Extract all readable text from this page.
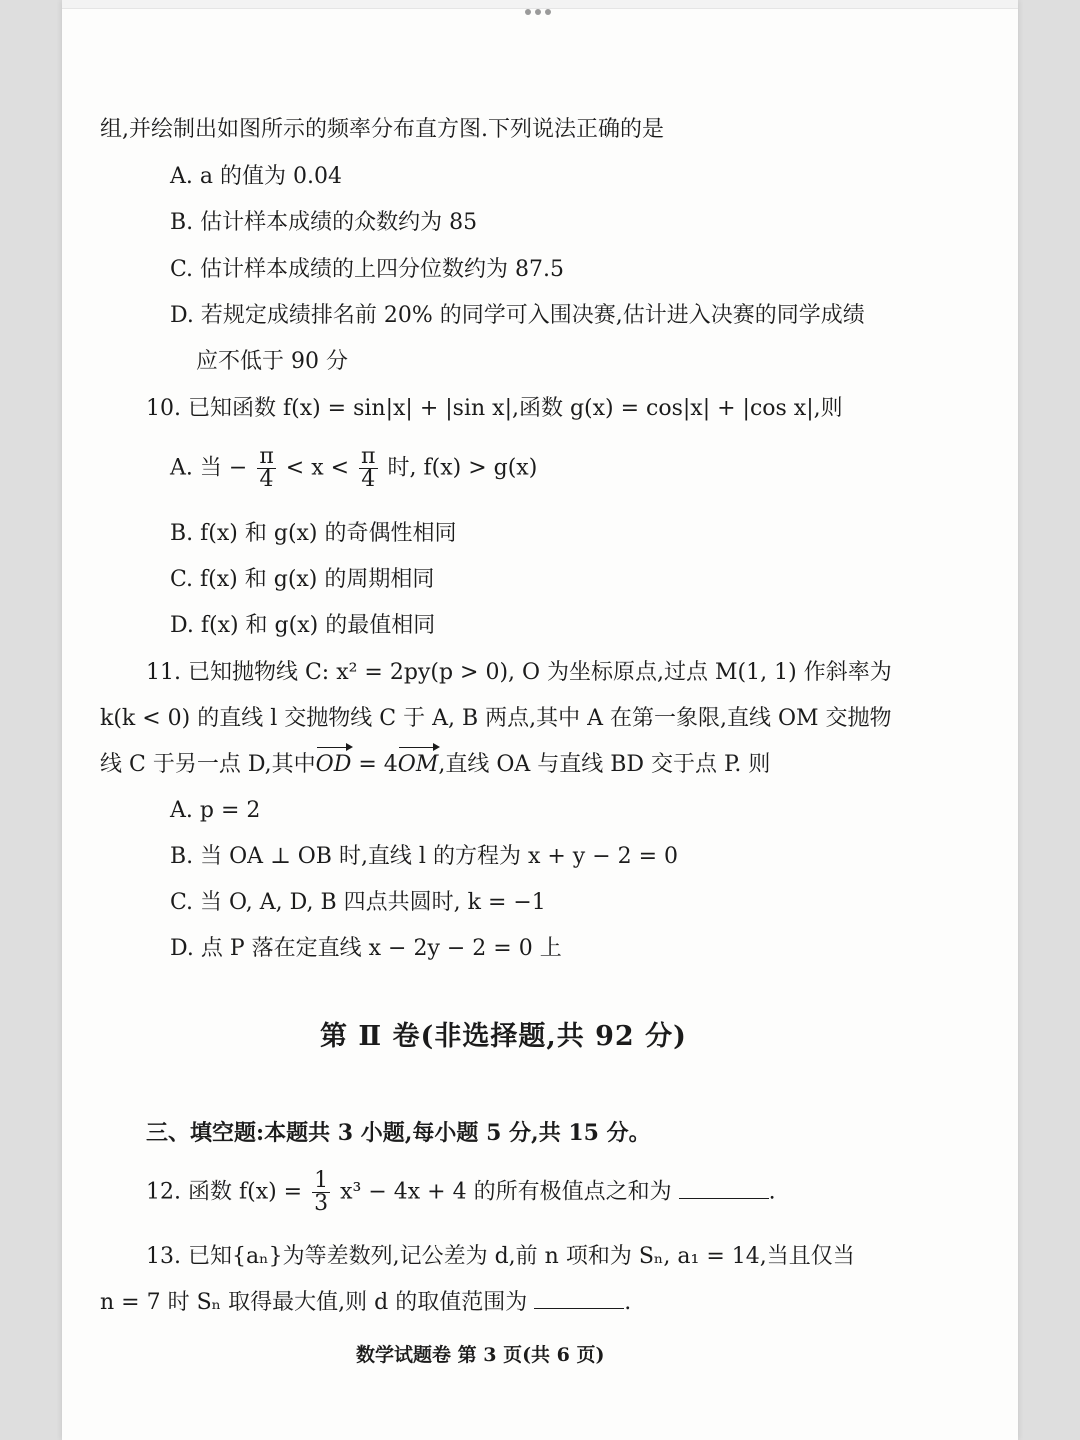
组,并绘制出如图所示的频率分布直方图.下列说法正确的是
A. a 的值为 0.04
B. 估计样本成绩的众数约为 85
C. 估计样本成绩的上四分位数约为 87.5
D. 若规定成绩排名前 20% 的同学可入围决赛,估计进入决赛的同学成绩
应不低于 90 分
10. 已知函数 f(x) = sin|x| + |sin x|,函数 g(x) = cos|x| + |cos x|,则
A. 当 − $\frac{\pi}{4} < x < \frac{\pi}{4}$ 时, f(x) > g(x)
B. f(x) 和 g(x) 的奇偶性相同
C. f(x) 和 g(x) 的周期相同
D. f(x) 和 g(x) 的最值相同
11. 已知抛物线 C: x² = 2py(p > 0), O 为坐标原点,过点 M(1, 1) 作斜率为
k(k < 0) 的直线 l 交抛物线 C 于 A, B 两点,其中 A 在第一象限,直线 OM 交抛物
线 C 于另一点 D,其中OD = 4OM,直线 OA 与直线 BD 交于点 P. 则
A. p = 2
B. 当 OA ⊥ OB 时,直线 l 的方程为 x + y − 2 = 0
C. 当 O, A, D, B 四点共圆时, k = −1
D. 点 P 落在定直线 x − 2y − 2 = 0 上
第 Ⅱ 卷(非选择题,共 92 分)
三、填空题:本题共 3 小题,每小题 5 分,共 15 分。
12. 函数 $f(x) = \frac{1}{3} x^3 - 4x + 4$ 的所有极值点之和为	.
13. 已知{aₙ}为等差数列,记公差为 d,前 n 项和为 Sₙ, a₁ = 14,当且仅当
n = 7 时 Sₙ 取得最大值,则 d 的取值范围为	.
数学试题卷 第 3 页(共 6 页)
